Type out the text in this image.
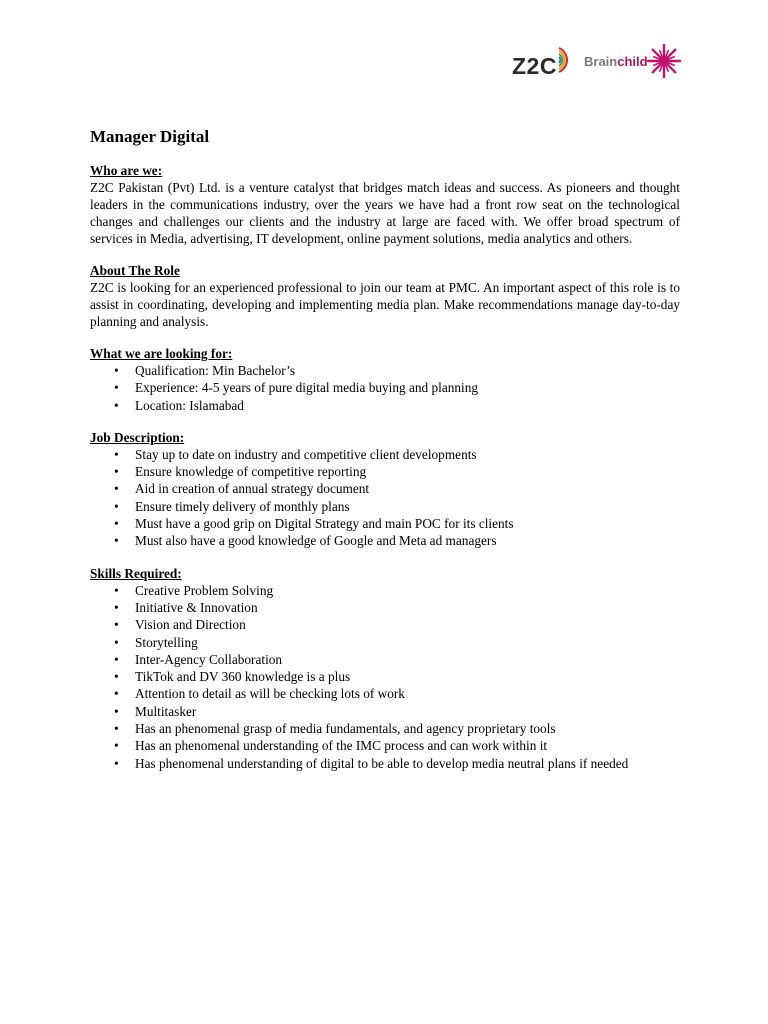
Z2C Brainchild
Manager Digital

Who are we:

Z2C Pakistan (Pvt) Ltd. is a venture catalyst that bridges match ideas and success. As pioneers and thought leaders in the communications industry, over the years we have had a front row seat on the technological changes and challenges our clients and the industry at large are faced with. We offer broad spectrum of services in Media, advertising, IT development, online payment solutions, media analytics and others.

About The Role

Z2C is looking for an experienced professional to join our team at PMC. An important aspect of this role is to assist in coordinating, developing and implementing media plan. Make recommendations manage day-to-day planning and analysis.

What we are looking for:

• Qualification: Min Bachelor’s
• Experience: 4-5 years of pure digital media buying and planning
• Location: Islamabad

Job Description:

• Stay up to date on industry and competitive client developments
• Ensure knowledge of competitive reporting
• Aid in creation of annual strategy document
• Ensure timely delivery of monthly plans
• Must have a good grip on Digital Strategy and main POC for its clients
• Must also have a good knowledge of Google and Meta ad managers

Skills Required:

• Creative Problem Solving
• Initiative & Innovation
• Vision and Direction
• Storytelling
• Inter-Agency Collaboration
• TikTok and DV 360 knowledge is a plus
• Attention to detail as will be checking lots of work
• Multitasker
• Has an phenomenal grasp of media fundamentals, and agency proprietary tools
• Has an phenomenal understanding of the IMC process and can work within it
• Has phenomenal understanding of digital to be able to develop media neutral plans if needed
